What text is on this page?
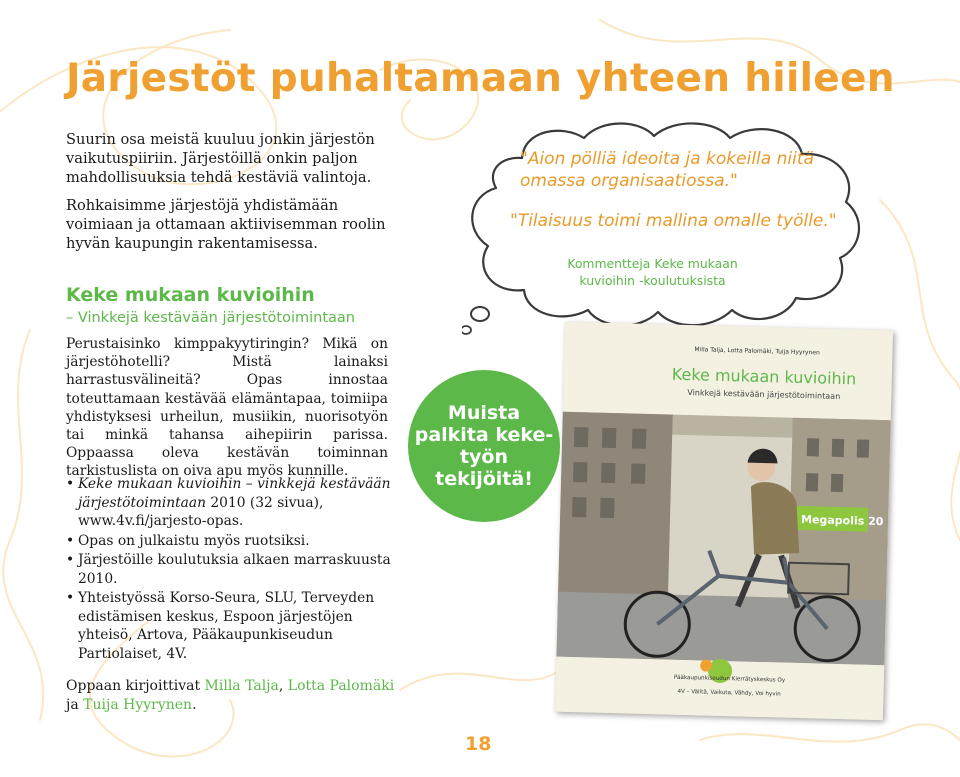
Järjestöt puhaltamaan yhteen hiileen

Suurin osa meistä kuuluu jonkin järjestön vaikutuspiiriin. Järjestöillä onkin paljon mahdollisuuksia tehdä kestäviä valintoja.

Rohkaisimme järjestöjä yhdistämään voimiaan ja ottamaan aktiivisemman roolin hyvän kaupungin rakentamisessa.

Keke mukaan kuvioihin

– Vinkkejä kestävään järjestötoimintaan

Perustaisinko kimppakyytiringin? Mikä on järjestöhotelli? Mistä lainaksi harrastusvälineitä? Opas innostaa toteuttamaan kestävää elämäntapaa, toimiipa yhdistyksesi urheilun, musiikin, nuorisotyön tai minkä tahansa aihepiirin parissa. Oppaassa oleva kestävän toiminnan tarkistuslista on oiva apu myös kunnille.

• Keke mukaan kuvioihin – vinkkejä kestävään järjestötoimintaan 2010 (32 sivua), www.4v.fi/jarjesto-opas.
• Opas on julkaistu myös ruotsiksi.
• Järjestöille koulutuksia alkaen marraskuusta 2010.
• Yhteistyössä Korso-Seura, SLU, Terveyden edistämisen keskus, Espoon järjestöjen yhteisö, Artova, Pääkaupunkiseudun Partiolaiset, 4V.

Oppaan kirjoittivat Milla Talja, Lotta Palomäki ja Tuija Hyyrynen.

"Aion pölliä ideoita ja kokeilla niitä omassa organisaatiossa."

"Tilaisuus toimi mallina omalle työlle."

Kommentteja Keke mukaan kuvioihin -koulutuksista

Muista palkita keke-työn tekijöitä!

Megapolis 20

Milla Talja, Lotta Palomäki, Tuija Hyyrynen

Keke mukaan kuvioihin

Vinkkejä kestävään järjestötoimintaan

Pääkaupunkiseudun Kierrätyskeskus Oy

4V – Välitä, Vaikuta, Vähdy, Voi hyvin

18
